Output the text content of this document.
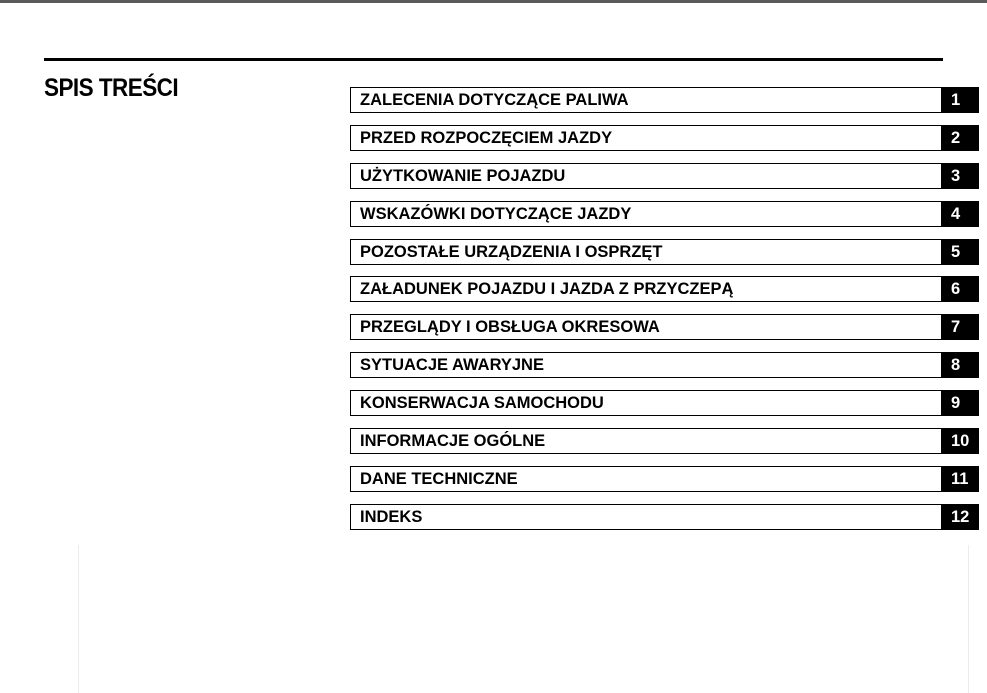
SPIS TREŚCI	ZALECENIA DOTYCZĄCE PALIWA	1
PRZED ROZPOCZĘCIEM JAZDY	2
UŻYTKOWANIE POJAZDU	3
WSKAZÓWKI DOTYCZĄCE JAZDY	4
POZOSTAŁE URZĄDZENIA I OSPRZĘT	5
ZAŁADUNEK POJAZDU I JAZDA Z PRZYCZEPĄ	6
PRZEGLĄDY I OBSŁUGA OKRESOWA	7
SYTUACJE AWARYJNE	8
KONSERWACJA SAMOCHODU	9
INFORMACJE OGÓLNE	10
DANE TECHNICZNE	11
INDEKS	12
